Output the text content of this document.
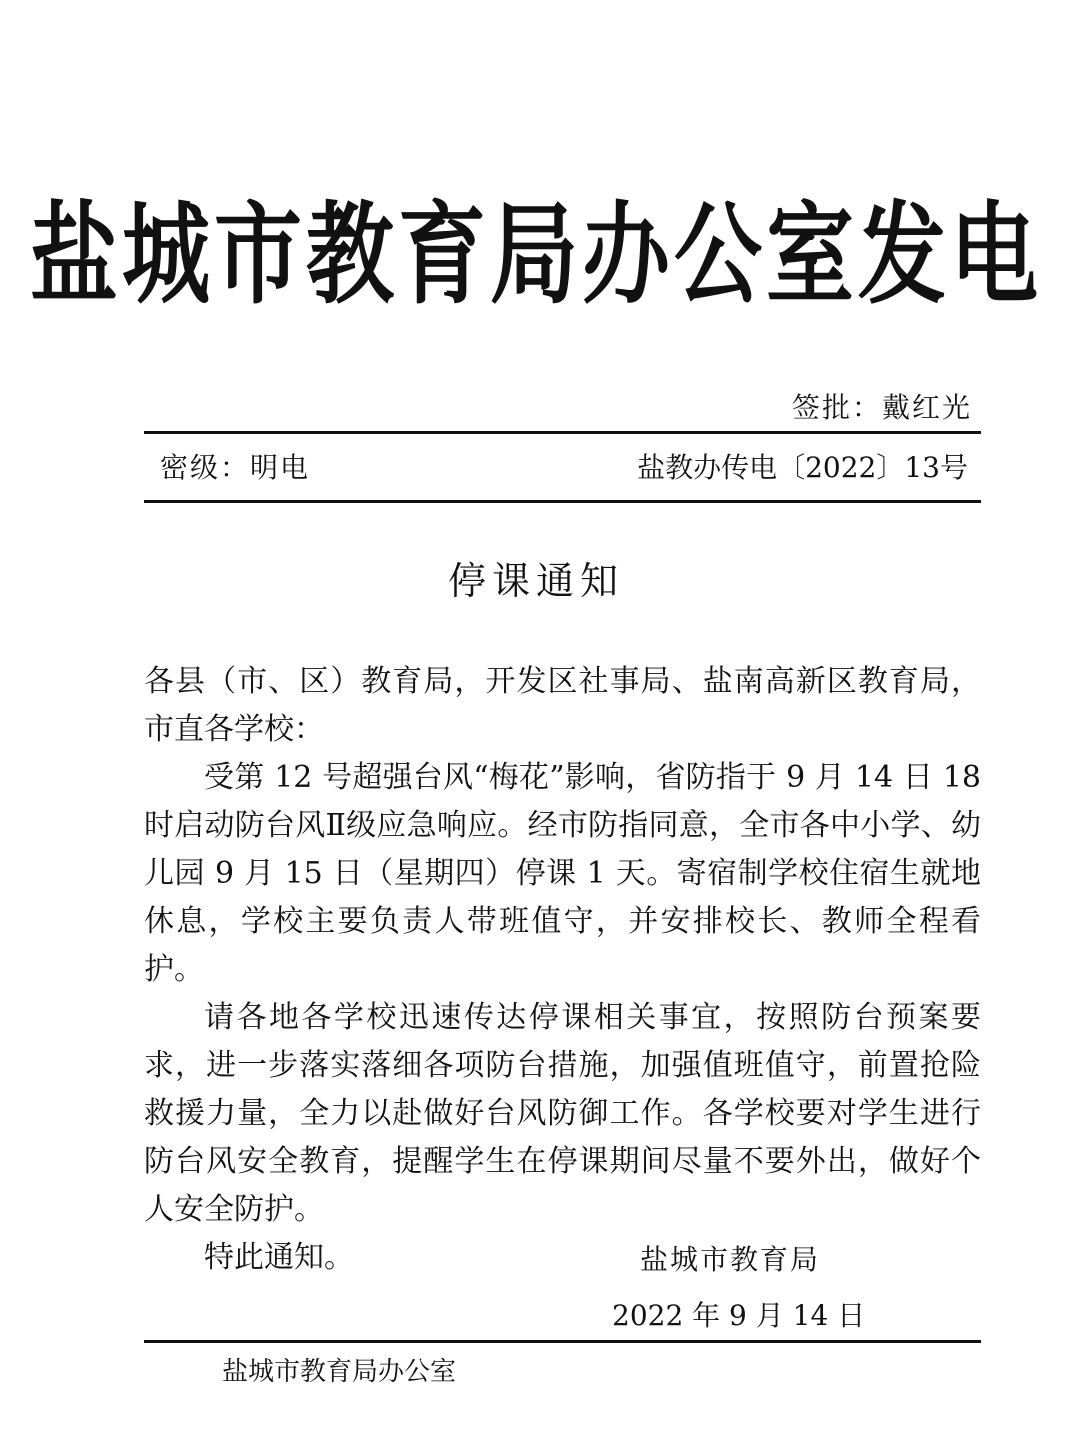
盐城市教育局办公室发电
签批：戴红光
密级：明电	盐教办传电〔2022〕13号
停课通知

各县（市、区）教育局，开发区社事局、盐南高新区教育局，市直各学校：

受第 12 号超强台风“梅花”影响，省防指于 9 月 14 日 18 时启动防台风Ⅱ级应急响应。经市防指同意，全市各中小学、幼儿园 9 月 15 日（星期四）停课 1 天。寄宿制学校住宿生就地休息，学校主要负责人带班值守，并安排校长、教师全程看护。

请各地各学校迅速传达停课相关事宜，按照防台预案要求，进一步落实落细各项防台措施，加强值班值守，前置抢险救援力量，全力以赴做好台风防御工作。各学校要对学生进行防台风安全教育，提醒学生在停课期间尽量不要外出，做好个人安全防护。

特此通知。	盐城市教育局
2022 年 9 月 14 日
盐城市教育局办公室
